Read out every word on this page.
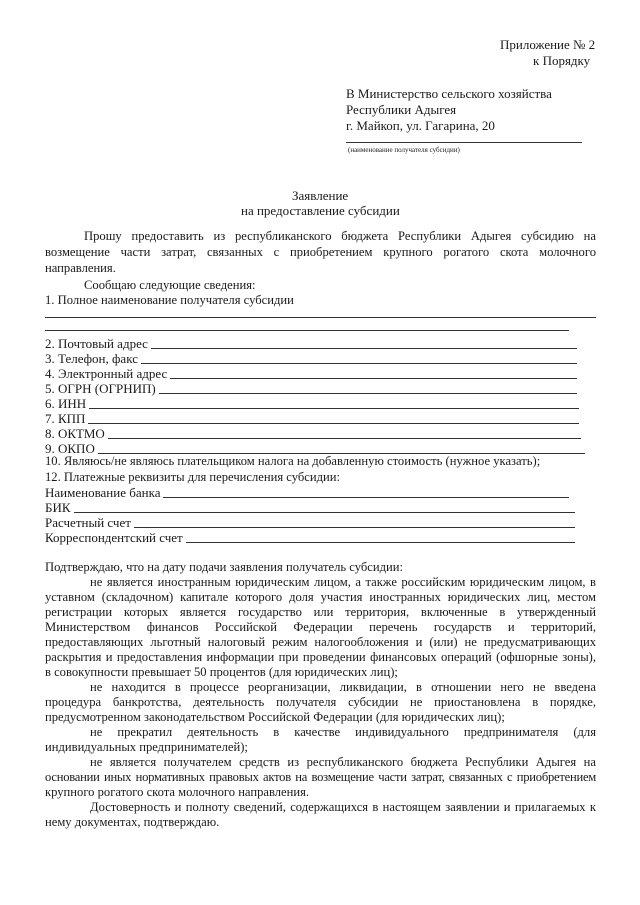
Приложение № 2
к Порядку
В Министерство сельского хозяйства
Республики Адыгея
г. Майкоп, ул. Гагарина, 20
(наименование получателя субсидии)
Заявление
на предоставление субсидии
Прошу предоставить из республиканского бюджета Республики Адыгея субсидию на
возмещение части затрат, связанных с приобретением крупного рогатого скота молочного
направления.
Сообщаю следующие сведения:
1. Полное наименование получателя субсидии
2. Почтовый адрес
3. Телефон, факс
4. Электронный адрес
5. ОГРН (ОГРНИП)
6. ИНН
7. КПП
8. ОКТМО
9. ОКПО
10. Являюсь/не являюсь плательщиком налога на добавленную стоимость (нужное указать);
12. Платежные реквизиты для перечисления субсидии:
Наименование банка
БИК
Расчетный счет
Корреспондентский счет
Подтверждаю, что на дату подачи заявления получатель субсидии:
не является иностранным юридическим лицом, а также российским юридическим лицом, в
уставном (складочном) капитале которого доля участия иностранных юридических лиц, местом
регистрации которых является государство или территория, включенные в утвержденный
Министерством финансов Российской Федерации перечень государств и территорий,
предоставляющих льготный налоговый режим налогообложения и (или) не предусматривающих
раскрытия и предоставления информации при проведении финансовых операций (офшорные зоны),
в совокупности превышает 50 процентов (для юридических лиц);
не находится в процессе реорганизации, ликвидации, в отношении него не введена
процедура банкротства, деятельность получателя субсидии не приостановлена в порядке,
предусмотренном законодательством Российской Федерации (для юридических лиц);
не прекратил деятельность в качестве индивидуального предпринимателя (для
индивидуальных предпринимателей);
не является получателем средств из республиканского бюджета Республики Адыгея на
основании иных нормативных правовых актов на возмещение части затрат, связанных с приобретением
крупного рогатого скота молочного направления.
Достоверность и полноту сведений, содержащихся в настоящем заявлении и прилагаемых к
нему документах, подтверждаю.
